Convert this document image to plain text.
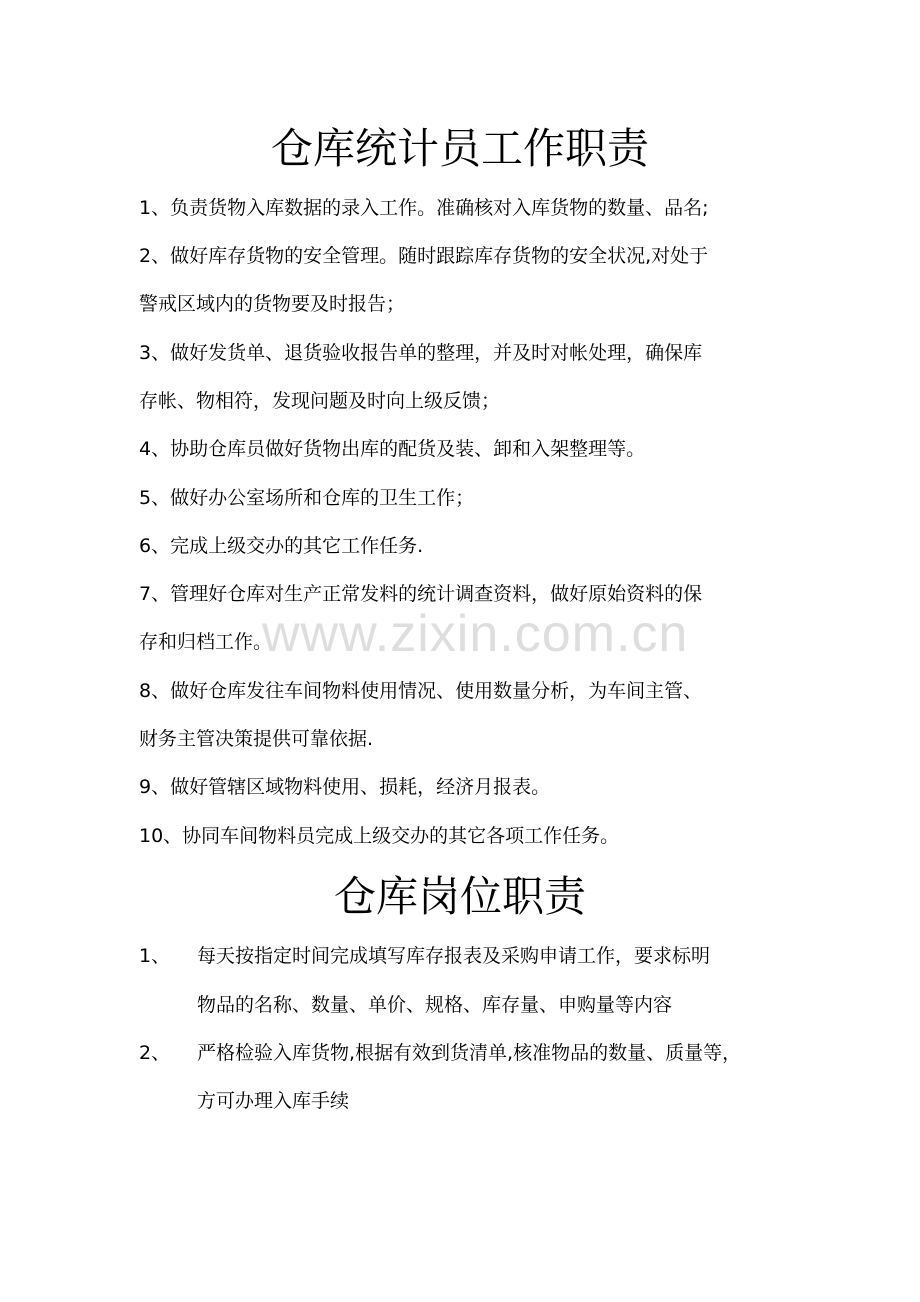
仓库统计员工作职责
1、负责货物入库数据的录入工作。准确核对入库货物的数量、品名;
2、做好库存货物的安全管理。随时跟踪库存货物的安全状况,对处于
警戒区域内的货物要及时报告；
3、做好发货单、退货验收报告单的整理，并及时对帐处理，确保库
存帐、物相符，发现问题及时向上级反馈；
4、协助仓库员做好货物出库的配货及装、卸和入架整理等。
5、做好办公室场所和仓库的卫生工作；
6、完成上级交办的其它工作任务.
7、管理好仓库对生产正常发料的统计调查资料，做好原始资料的保
存和归档工作。
8、做好仓库发往车间物料使用情况、使用数量分析，为车间主管、
财务主管决策提供可靠依据.
9、做好管辖区域物料使用、损耗，经济月报表。
10、协同车间物料员完成上级交办的其它各项工作任务。
仓库岗位职责
1、 每天按指定时间完成填写库存报表及采购申请工作，要求标明
物品的名称、数量、单价、规格、库存量、申购量等内容
2、 严格检验入库货物,根据有效到货清单,核准物品的数量、质量等，
方可办理入库手续
www.zixin.com.cn
